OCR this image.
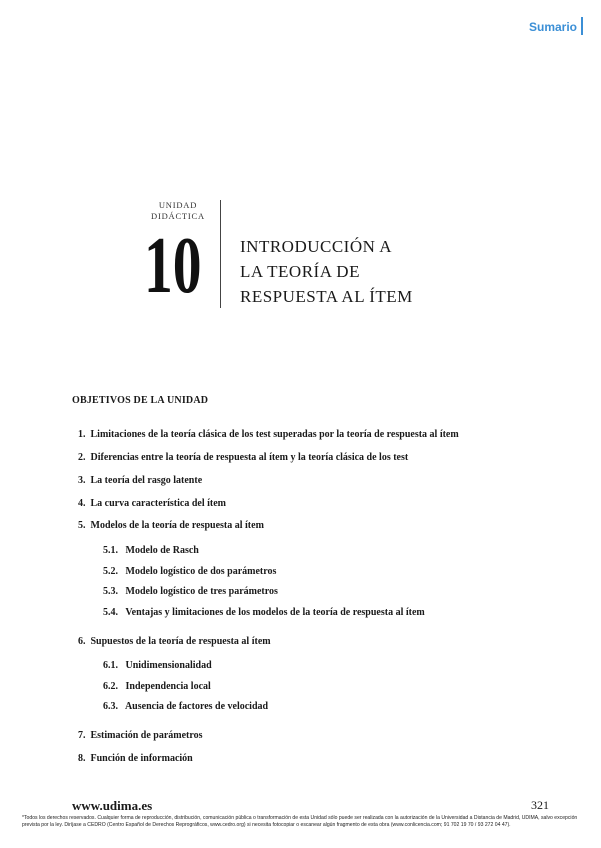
Sumario
UNIDAD
DIDÁCTICA
10 INTRODUCCIÓN A
LA TEORÍA DE
RESPUESTA AL ÍTEM
OBJETIVOS DE LA UNIDAD
1. Limitaciones de la teoría clásica de los test superadas por la teoría de respuesta al ítem
2. Diferencias entre la teoría de respuesta al ítem y la teoría clásica de los test
3. La teoría del rasgo latente
4. La curva característica del ítem
5. Modelos de la teoría de respuesta al ítem
5.1. Modelo de Rasch
5.2. Modelo logístico de dos parámetros
5.3. Modelo logístico de tres parámetros
5.4. Ventajas y limitaciones de los modelos de la teoría de respuesta al ítem
6. Supuestos de la teoría de respuesta al ítem
6.1. Unidimensionalidad
6.2. Independencia local
6.3. Ausencia de factores de velocidad
7. Estimación de parámetros
8. Función de información
www.udima.es	321
*Todos los derechos reservados. Cualquier forma de reproducción, distribución, comunicación pública o transformación de esta Unidad sólo puede ser realizada con la autorización de la Universidad a Distancia de Madrid, UDIMA, salvo excepción prevista por la ley. Diríjase a CEDRO (Centro Español de Derechos Reprográficos, www.cedro.org) si necesita fotocopiar o escanear algún fragmento de esta obra (www.conlicencia.com; 91 702 19 70 / 93 272 04 47).
